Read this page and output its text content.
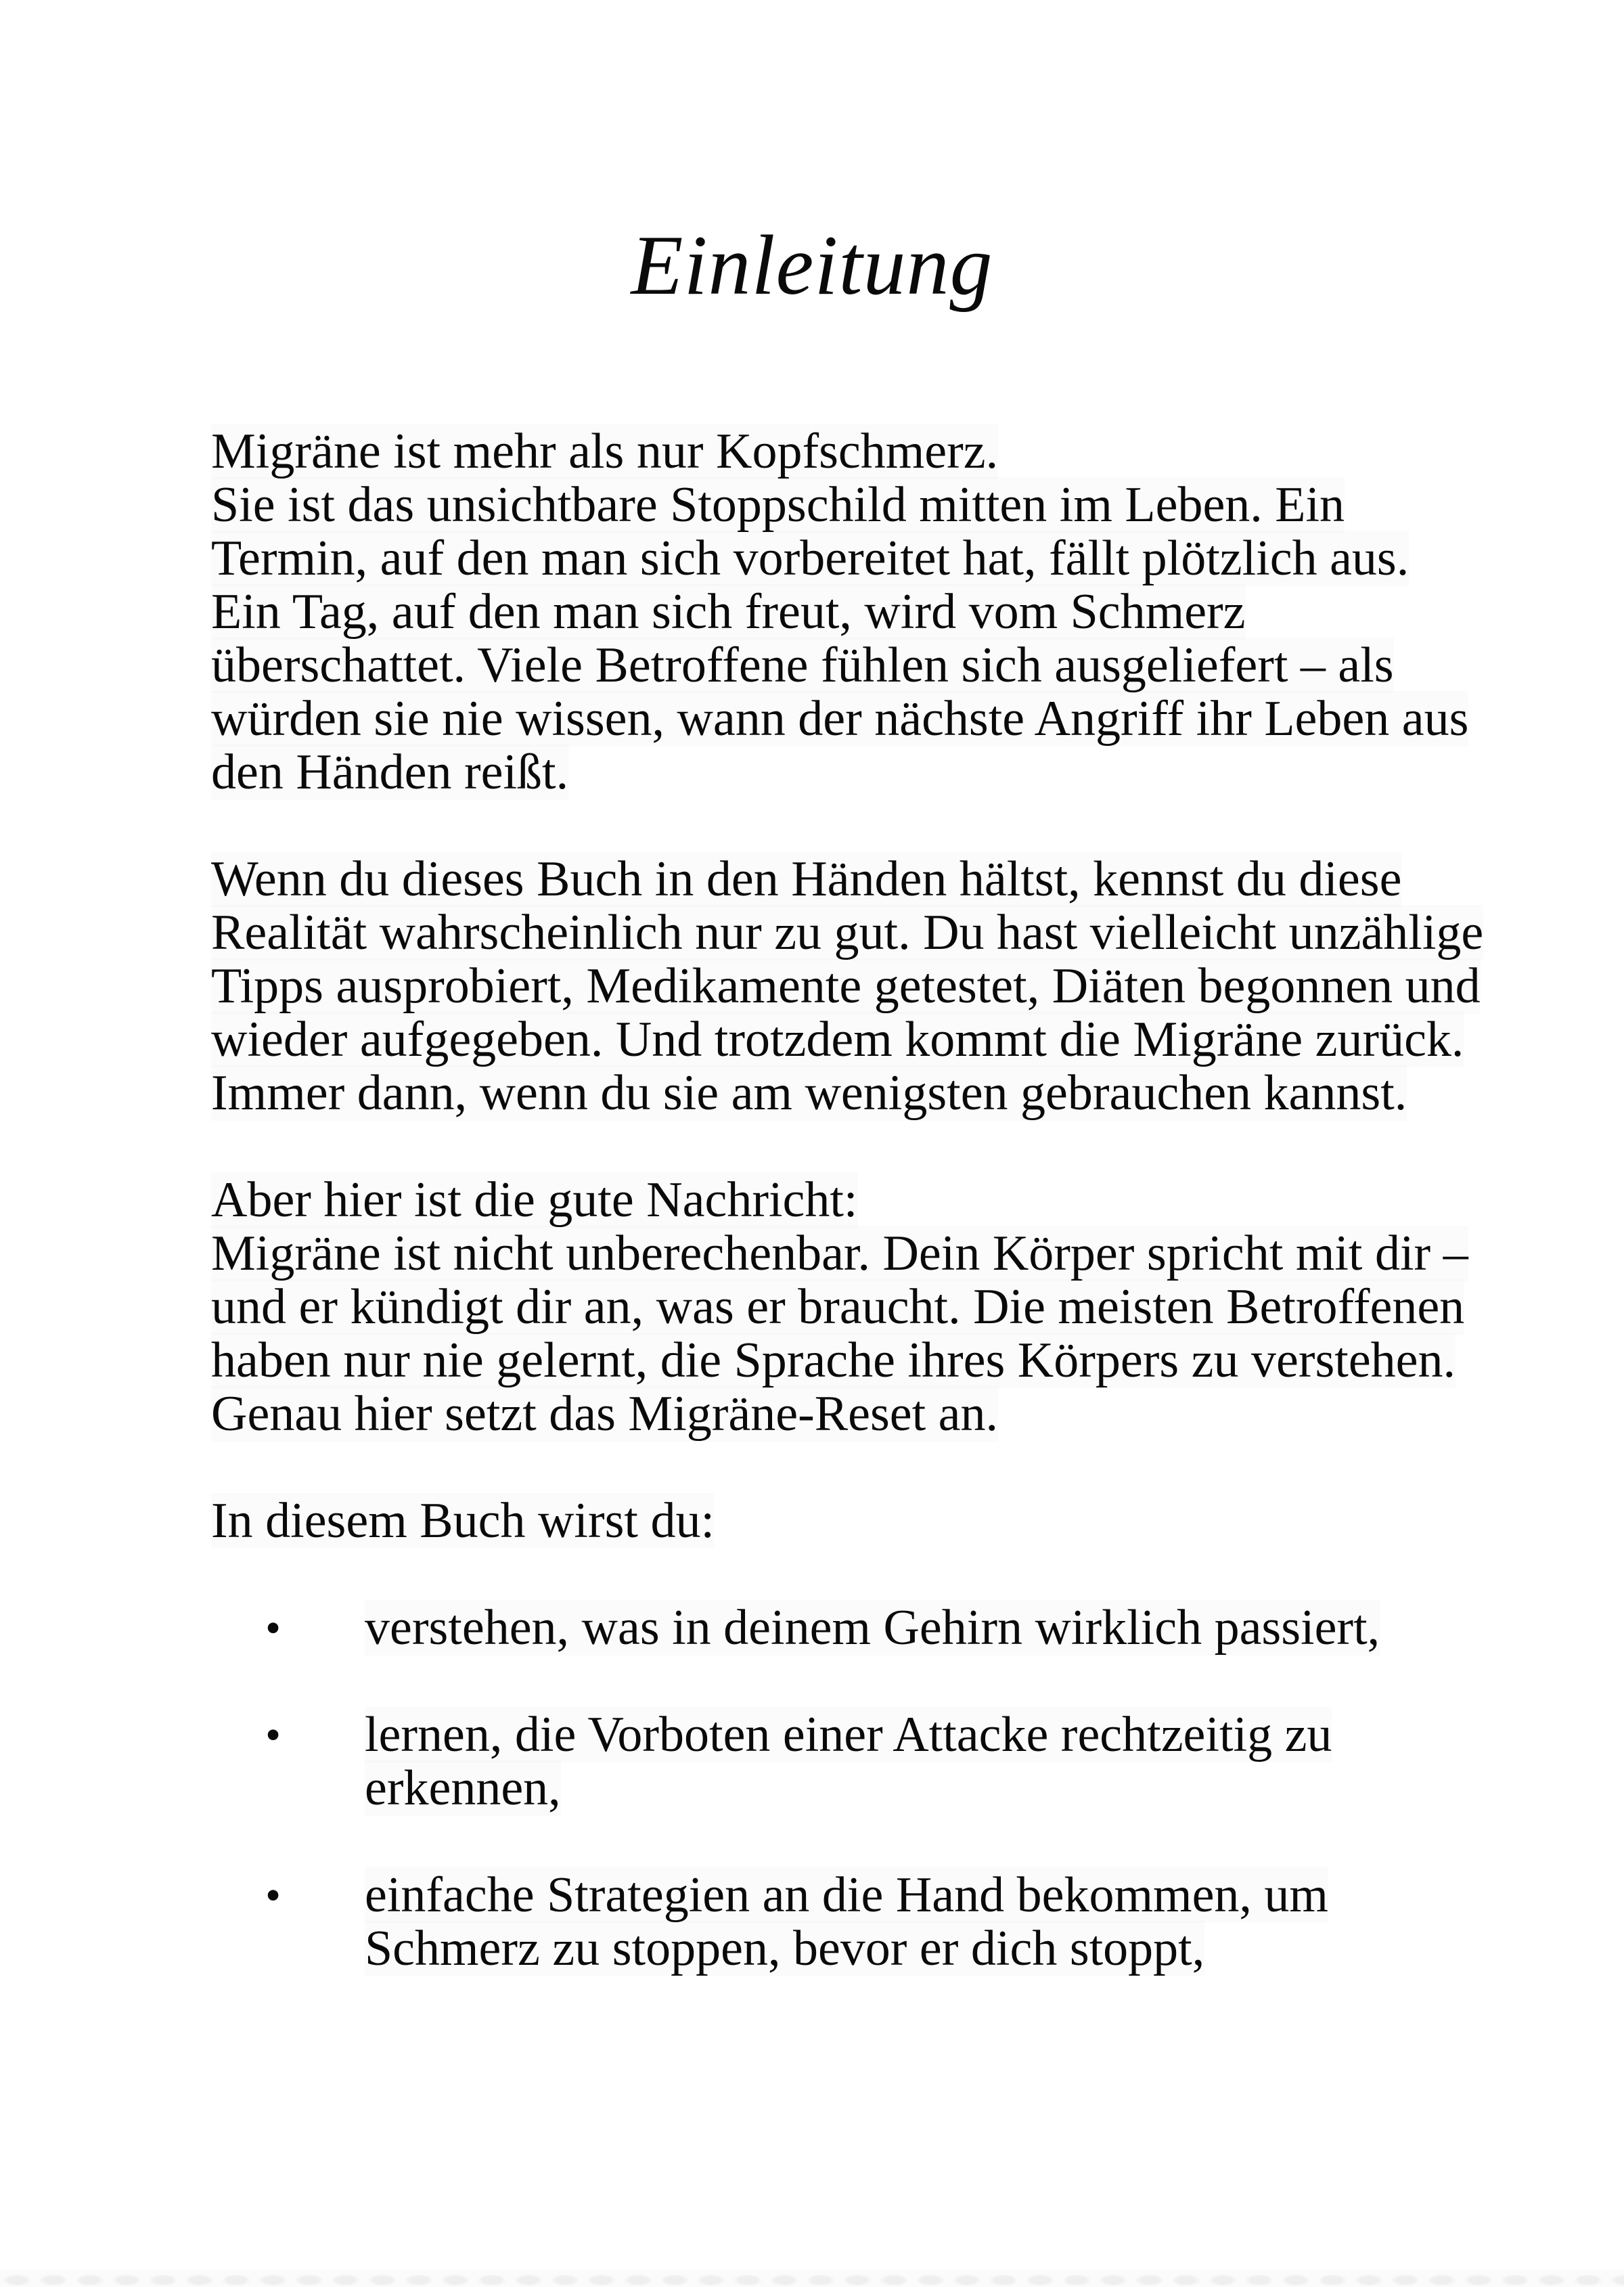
Einleitung
Migräne ist mehr als nur Kopfschmerz.
Sie ist das unsichtbare Stoppschild mitten im Leben. Ein
Termin, auf den man sich vorbereitet hat, fällt plötzlich aus.
Ein Tag, auf den man sich freut, wird vom Schmerz
überschattet. Viele Betroffene fühlen sich ausgeliefert – als
würden sie nie wissen, wann der nächste Angriff ihr Leben aus
den Händen reißt.
Wenn du dieses Buch in den Händen hältst, kennst du diese
Realität wahrscheinlich nur zu gut. Du hast vielleicht unzählige
Tipps ausprobiert, Medikamente getestet, Diäten begonnen und
wieder aufgegeben. Und trotzdem kommt die Migräne zurück.
Immer dann, wenn du sie am wenigsten gebrauchen kannst.
Aber hier ist die gute Nachricht:
Migräne ist nicht unberechenbar. Dein Körper spricht mit dir –
und er kündigt dir an, was er braucht. Die meisten Betroffenen
haben nur nie gelernt, die Sprache ihres Körpers zu verstehen.
Genau hier setzt das Migräne-Reset an.
In diesem Buch wirst du:
•	verstehen, was in deinem Gehirn wirklich passiert,
•	lernen, die Vorboten einer Attacke rechtzeitig zu
erkennen,
•	einfache Strategien an die Hand bekommen, um
Schmerz zu stoppen, bevor er dich stoppt,
